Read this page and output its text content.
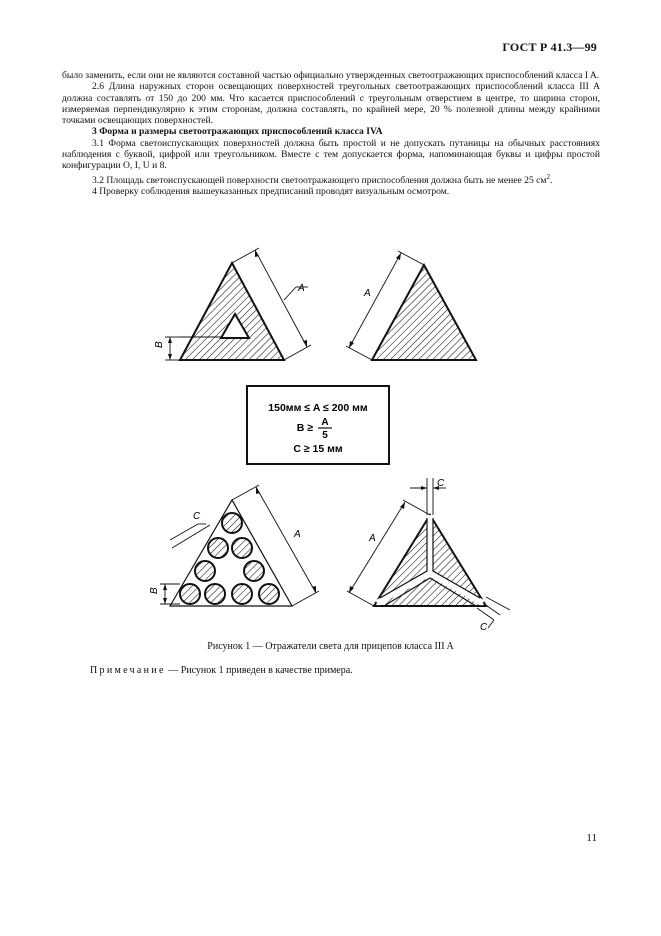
ГОСТ Р 41.3—99

было заменить, если они не являются составной частью официально утвержденных светоотражающих приспособлений класса I A.

2.6 Длина наружных сторон освещающих поверхностей треугольных светоотражающих приспособлений класса III A должна составлять от 150 до 200 мм. Что касается приспособлений с треугольным отверстием в центре, то ширина сторон, измеряемая перпендикулярно к этим сторонам, должна составлять, по крайней мере, 20 % полезной длины между крайними точками освещающих поверхностей.

3 Форма и размеры светоотражающих приспособлений класса IVA

3.1 Форма светоиспускающих поверхностей должна быть простой и не допускать путаницы на обычных расстояниях наблюдения с буквой, цифрой или треугольником. Вместе с тем допускается форма, напоминающая буквы и цифры простой конфигурации O, I, U и 8.

3.2 Площадь светоиспускающей поверхности светоотражающего приспособления должна быть не менее 25 $см^2$.

4 Проверку соблюдения вышеуказанных предписаний проводят визуальным осмотром.

A
B
A
150мм ≤ A ≤ 200 мм
B ≥ A
5
C ≥ 15 мм
C
A
B
C
A
C
Рисунок 1 — Отражатели света для прицепов класса III A
Примечание — Рисунок 1 приведен в качестве примера.
11
